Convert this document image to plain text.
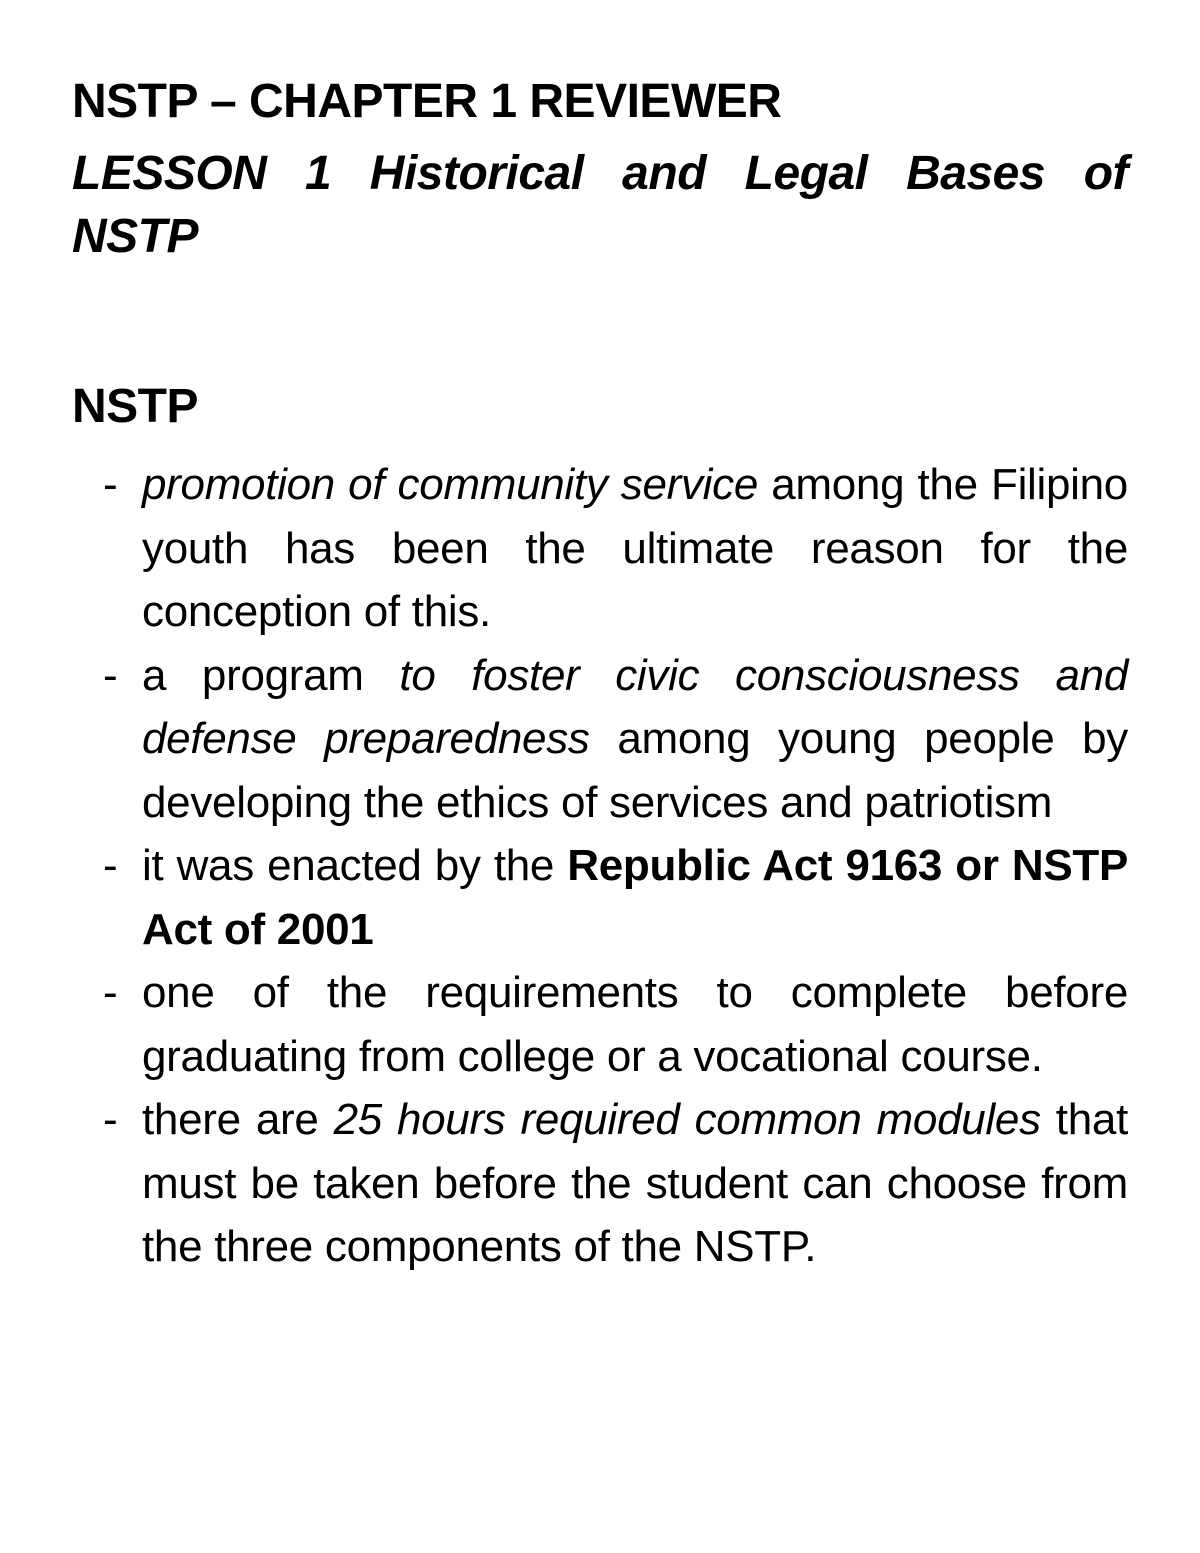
NSTP – CHAPTER 1 REVIEWER
LESSON 1 Historical and Legal Bases of NSTP
NSTP
- promotion of community service among the Filipino youth has been the ultimate reason for the conception of this.
- a program to foster civic consciousness and defense preparedness among young people by developing the ethics of services and patriotism
- it was enacted by the Republic Act 9163 or NSTP Act of 2001
- one of the requirements to complete before graduating from college or a vocational course.
- there are 25 hours required common modules that must be taken before the student can choose from the three components of the NSTP.
